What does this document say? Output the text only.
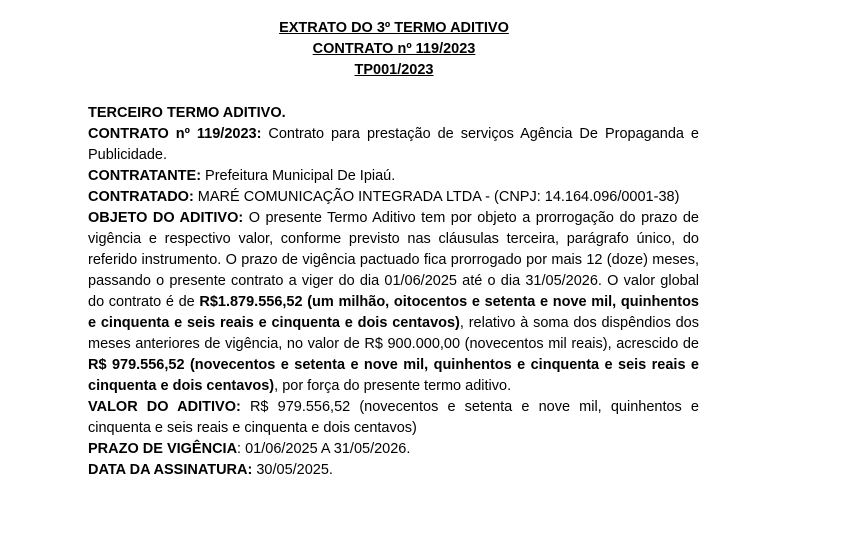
EXTRATO DO 3º TERMO ADITIVO
CONTRATO nº 119/2023
TP001/2023

TERCEIRO TERMO ADITIVO.

CONTRATO nº 119/2023: Contrato para prestação de serviços Agência De Propaganda e Publicidade.

CONTRATANTE: Prefeitura Municipal De Ipiaú.

CONTRATADO: MARÉ COMUNICAÇÃO INTEGRADA LTDA - (CNPJ: 14.164.096/0001-38)

OBJETO DO ADITIVO: O presente Termo Aditivo tem por objeto a prorrogação do prazo de vigência e respectivo valor, conforme previsto nas cláusulas terceira, parágrafo único, do referido instrumento. O prazo de vigência pactuado fica prorrogado por mais 12 (doze) meses, passando o presente contrato a viger do dia 01/06/2025 até o dia 31/05/2026. O valor global do contrato é de R$1.879.556,52 (um milhão, oitocentos e setenta e nove mil, quinhentos e cinquenta e seis reais e cinquenta e dois centavos), relativo à soma dos dispêndios dos meses anteriores de vigência, no valor de R$ 900.000,00 (novecentos mil reais), acrescido de R$ 979.556,52 (novecentos e setenta e nove mil, quinhentos e cinquenta e seis reais e cinquenta e dois centavos), por força do presente termo aditivo.

VALOR DO ADITIVO: R$ 979.556,52 (novecentos e setenta e nove mil, quinhentos e cinquenta e seis reais e cinquenta e dois centavos)

PRAZO DE VIGÊNCIA: 01/06/2025 A 31/05/2026.

DATA DA ASSINATURA: 30/05/2025.
